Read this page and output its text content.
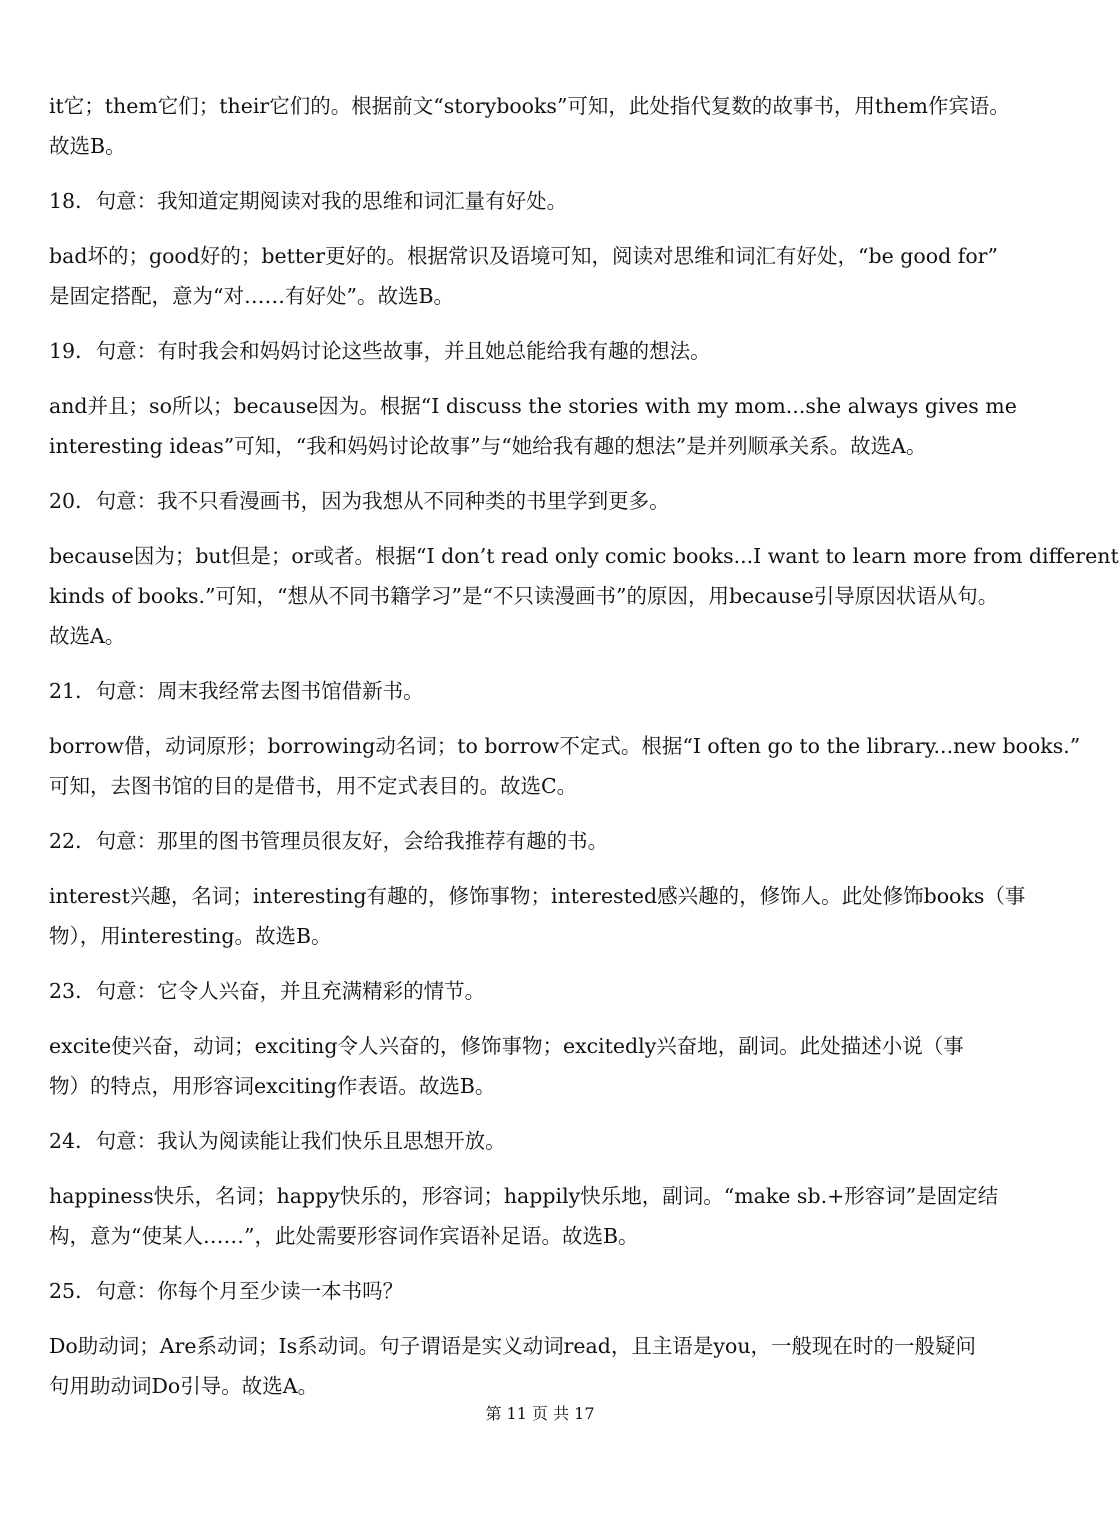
it它；them它们；their它们的。根据前文“storybooks”可知，此处指代复数的故事书，用them作宾语。
故选B。
18．句意：我知道定期阅读对我的思维和词汇量有好处。
bad坏的；good好的；better更好的。根据常识及语境可知，阅读对思维和词汇有好处，“be good for”
是固定搭配，意为“对……有好处”。故选B。
19．句意：有时我会和妈妈讨论这些故事，并且她总能给我有趣的想法。
and并且；so所以；because因为。根据“I discuss the stories with my mom...she always gives me
interesting ideas”可知，“我和妈妈讨论故事”与“她给我有趣的想法”是并列顺承关系。故选A。
20．句意：我不只看漫画书，因为我想从不同种类的书里学到更多。
because因为；but但是；or或者。根据“I don’t read only comic books...I want to learn more from different
kinds of books.”可知，“想从不同书籍学习”是“不只读漫画书”的原因，用because引导原因状语从句。
故选A。
21．句意：周末我经常去图书馆借新书。
borrow借，动词原形；borrowing动名词；to borrow不定式。根据“I often go to the library...new books.”
可知，去图书馆的目的是借书，用不定式表目的。故选C。
22．句意：那里的图书管理员很友好，会给我推荐有趣的书。
interest兴趣，名词；interesting有趣的，修饰事物；interested感兴趣的，修饰人。此处修饰books（事
物），用interesting。故选B。
23．句意：它令人兴奋，并且充满精彩的情节。
excite使兴奋，动词；exciting令人兴奋的，修饰事物；excitedly兴奋地，副词。此处描述小说（事
物）的特点，用形容词exciting作表语。故选B。
24．句意：我认为阅读能让我们快乐且思想开放。
happiness快乐，名词；happy快乐的，形容词；happily快乐地，副词。“make sb.+形容词”是固定结
构，意为“使某人……”，此处需要形容词作宾语补足语。故选B。
25．句意：你每个月至少读一本书吗？
Do助动词；Are系动词；Is系动词。句子谓语是实义动词read，且主语是you，一般现在时的一般疑问
句用助动词Do引导。故选A。
第 11 页 共 17
